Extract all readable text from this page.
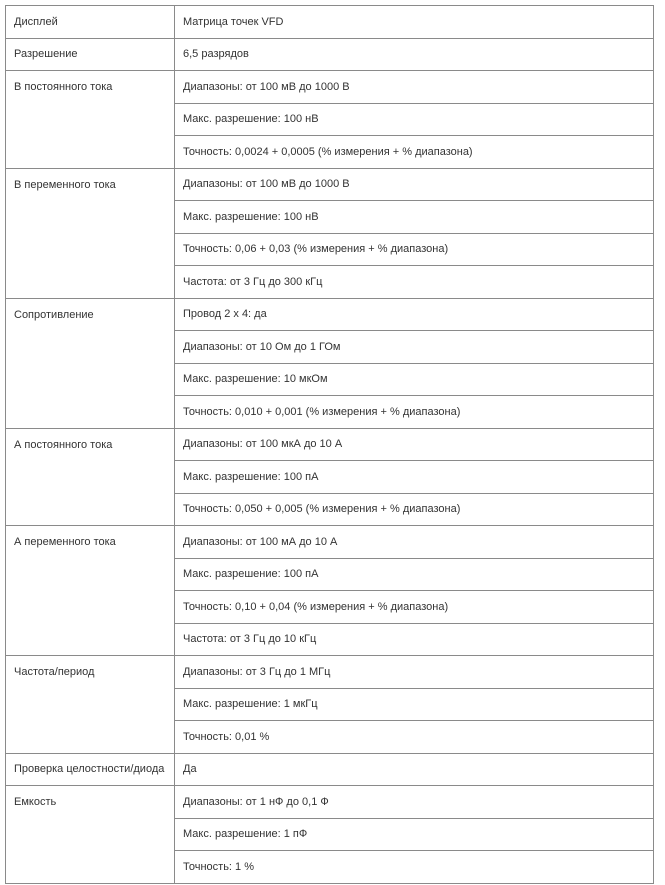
Дисплей	Матрица точек VFD
Разрешение	6,5 разрядов
В постоянного тока	Диапазоны: от 100 мВ до 1000 В
	Макс. разрешение: 100 нВ
	Точность: 0,0024 + 0,0005 (% измерения + % диапазона)
В переменного тока	Диапазоны: от 100 мВ до 1000 В
	Макс. разрешение: 100 нВ
	Точность: 0,06 + 0,03 (% измерения + % диапазона)
	Частота: от 3 Гц до 300 кГц
Сопротивление	Провод 2 x 4: да
	Диапазоны: от 10 Ом до 1 ГОм
	Макс. разрешение: 10 мкОм
	Точность: 0,010 + 0,001 (% измерения + % диапазона)
А постоянного тока	Диапазоны: от 100 мкА до 10 А
	Макс. разрешение: 100 пА
	Точность: 0,050 + 0,005 (% измерения + % диапазона)
А переменного тока	Диапазоны: от 100 мА до 10 А
	Макс. разрешение: 100 пА
	Точность: 0,10 + 0,04 (% измерения + % диапазона)
	Частота: от 3 Гц до 10 кГц
Частота/период	Диапазоны: от 3 Гц до 1 МГц
	Макс. разрешение: 1 мкГц
	Точность: 0,01 %
Проверка целостности/диода	Да
Емкость	Диапазоны: от 1 нФ до 0,1 Ф
	Макс. разрешение: 1 пФ
	Точность: 1 %
